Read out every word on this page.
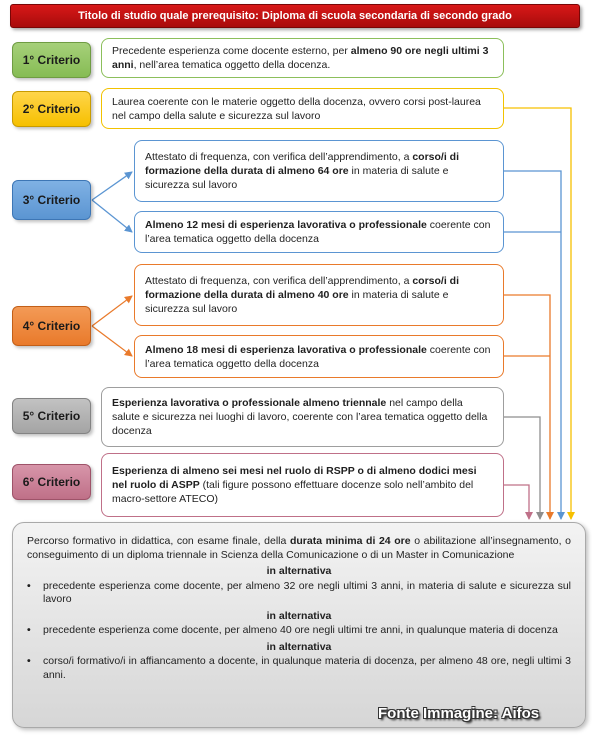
Titolo di studio quale prerequisito: Diploma di scuola secondaria di secondo grado
1° Criterio
2° Criterio
3° Criterio
4° Criterio
5° Criterio
6° Criterio

Precedente esperienza come docente esterno, per almeno 90 ore negli ultimi 3 anni, nell’area tematica oggetto della docenza.

Laurea coerente con le materie oggetto della docenza, ovvero corsi post-laurea nel campo della salute e sicurezza sul lavoro

Attestato di frequenza, con verifica dell’apprendimento, a corso/i di formazione della durata di almeno 64 ore in materia di salute e sicurezza sul lavoro

Almeno 12 mesi di esperienza lavorativa o professionale coerente con l’area tematica oggetto della docenza

Attestato di frequenza, con verifica dell’apprendimento, a corso/i di formazione della durata di almeno 40 ore in materia di salute e sicurezza sul lavoro

Almeno 18 mesi di esperienza lavorativa o professionale coerente con l’area tematica oggetto della docenza

Esperienza lavorativa o professionale almeno triennale nel campo della salute e sicurezza nei luoghi di lavoro, coerente con l’area tematica oggetto della docenza

Esperienza di almeno sei mesi nel ruolo di RSPP o di almeno dodici mesi nel ruolo di ASPP (tali figure possono effettuare docenze solo nell’ambito del macro-settore ATECO)

Percorso formativo in didattica, con esame finale, della durata minima di 24 ore o abilitazione all’insegnamento, o conseguimento di un diploma triennale in Scienza della Comunicazione o di un Master in Comunicazione

in alternativa

•	precedente esperienza come docente, per almeno 32 ore negli ultimi 3 anni, in materia di salute e sicurezza sul lavoro

in alternativa

•	precedente esperienza come docente, per almeno 40 ore negli ultimi tre anni, in qualunque materia di docenza

in alternativa

•	corso/i formativo/i in affiancamento a docente, in qualunque materia di docenza, per almeno 48 ore, negli ultimi 3 anni.
Fonte Immagine: Aifos
